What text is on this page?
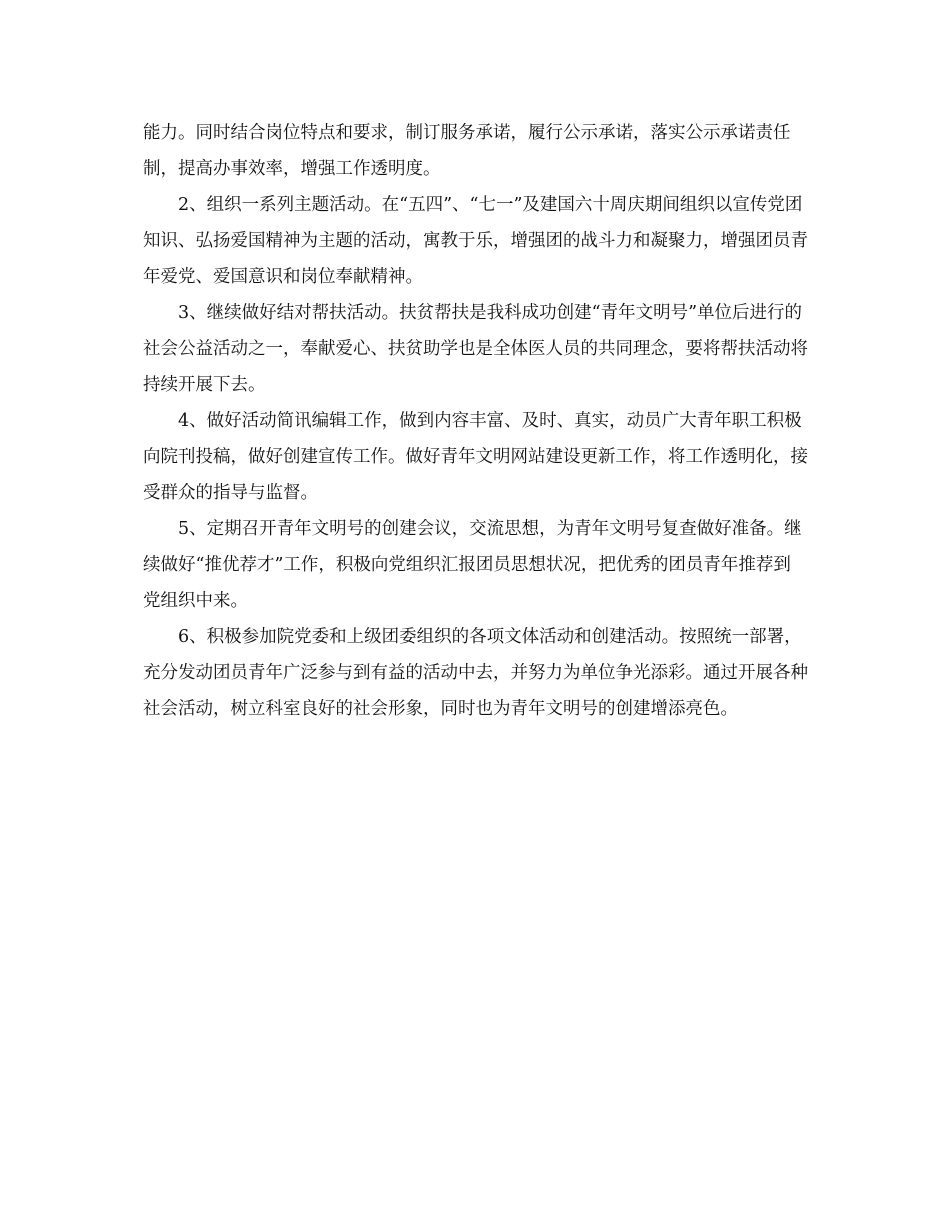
能力。同时结合岗位特点和要求，制订服务承诺，履行公示承诺，落实公示承诺责任制，提高办事效率，增强工作透明度。

2、组织一系列主题活动。在“五四”、“七一”及建国六十周庆期间组织以宣传党团知识、弘扬爱国精神为主题的活动，寓教于乐，增强团的战斗力和凝聚力，增强团员青年爱党、爱国意识和岗位奉献精神。

3、继续做好结对帮扶活动。扶贫帮扶是我科成功创建“青年文明号”单位后进行的社会公益活动之一，奉献爱心、扶贫助学也是全体医人员的共同理念，要将帮扶活动将持续开展下去。

4、做好活动简讯编辑工作，做到内容丰富、及时、真实，动员广大青年职工积极向院刊投稿，做好创建宣传工作。做好青年文明网站建设更新工作，将工作透明化，接受群众的指导与监督。

5、定期召开青年文明号的创建会议，交流思想，为青年文明号复查做好准备。继续做好“推优荐才”工作，积极向党组织汇报团员思想状况，把优秀的团员青年推荐到党组织中来。

6、积极参加院党委和上级团委组织的各项文体活动和创建活动。按照统一部署，充分发动团员青年广泛参与到有益的活动中去，并努力为单位争光添彩。通过开展各种社会活动，树立科室良好的社会形象，同时也为青年文明号的创建增添亮色。
